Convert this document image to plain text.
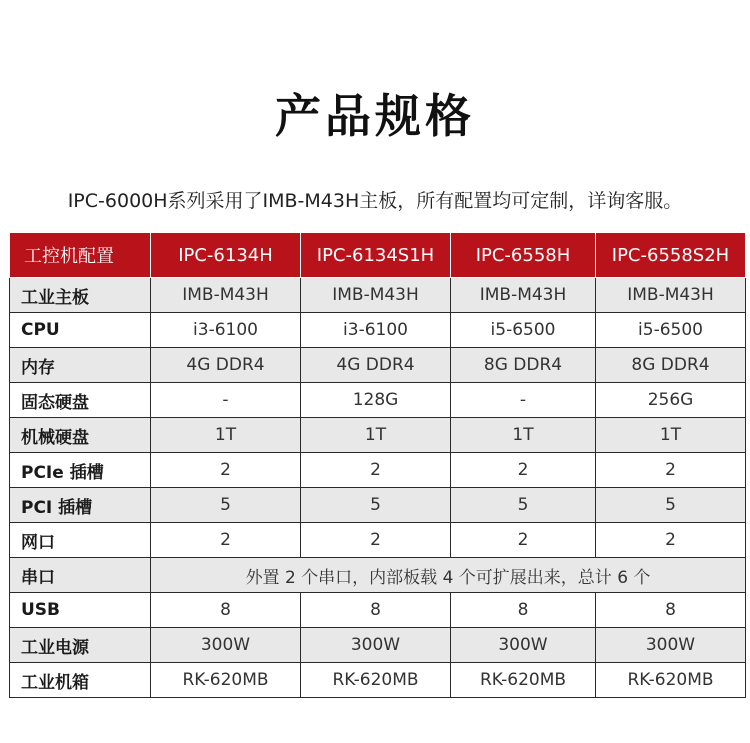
产品规格
IPC-6000H系列采用了IMB-M43H主板，所有配置均可定制，详询客服。
工控机配置	IPC-6134H	IPC-6134S1H	IPC-6558H	IPC-6558S2H
工业主板	IMB-M43H	IMB-M43H	IMB-M43H	IMB-M43H
CPU	i3-6100	i3-6100	i5-6500	i5-6500
内存	4G DDR4	4G DDR4	8G DDR4	8G DDR4
固态硬盘	-	128G	-	256G
机械硬盘	1T	1T	1T	1T
PCIe 插槽	2	2	2	2
PCI 插槽	5	5	5	5
网口	2	2	2	2
串口	外置 2 个串口，内部板载 4 个可扩展出来，总计 6 个			
USB	8	8	8	8
工业电源	300W	300W	300W	300W
工业机箱	RK-620MB	RK-620MB	RK-620MB	RK-620MB
